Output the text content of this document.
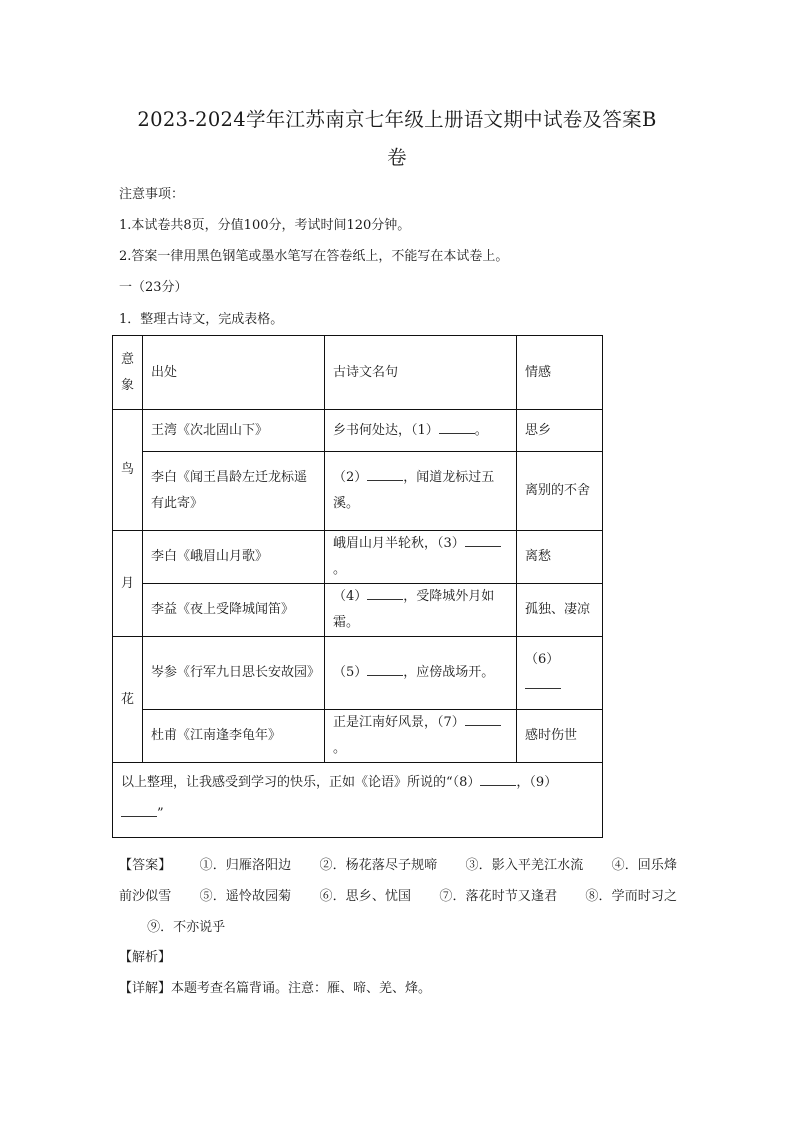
2023-2024学年江苏南京七年级上册语文期中试卷及答案B
卷
注意事项：
1.本试卷共8页，分值100分，考试时间120分钟。
2.答案一律用黑色钢笔或墨水笔写在答卷纸上，不能写在本试卷上。
一（23分）
1．整理古诗文，完成表格。
意象	出处	古诗文名句	情感
鸟	王湾《次北固山下》	乡书何处达，（1） 。	思乡
	李白《闻王昌龄左迁龙标遥有此寄》	（2） ，闻道龙标过五溪。	离别的不舍
月	李白《峨眉山月歌》	峨眉山月半轮秋，（3）。	离愁
	李益《夜上受降城闻笛》	（4） ，受降城外月如霜。	孤独、凄凉
花	岑参《行军九日思长安故园》	（5） ，应傍战场开。	（6）
	杜甫《江南逢李龟年》	正是江南好风景，（7）。	感时伤世
以上整理，让我感受到学习的快乐，正如《论语》所说的“（8） ，（9）
”			
【答案】 ①．归雁洛阳边 ②．杨花落尽子规啼 ③．影入平羌江水流 ④．回乐烽前沙似雪 ⑤．遥怜故园菊 ⑥．思乡、忧国 ⑦．落花时节又逢君 ⑧．学而时习之 ⑨．不亦说乎
【解析】
【详解】本题考查名篇背诵。注意：雁、啼、羌、烽。
